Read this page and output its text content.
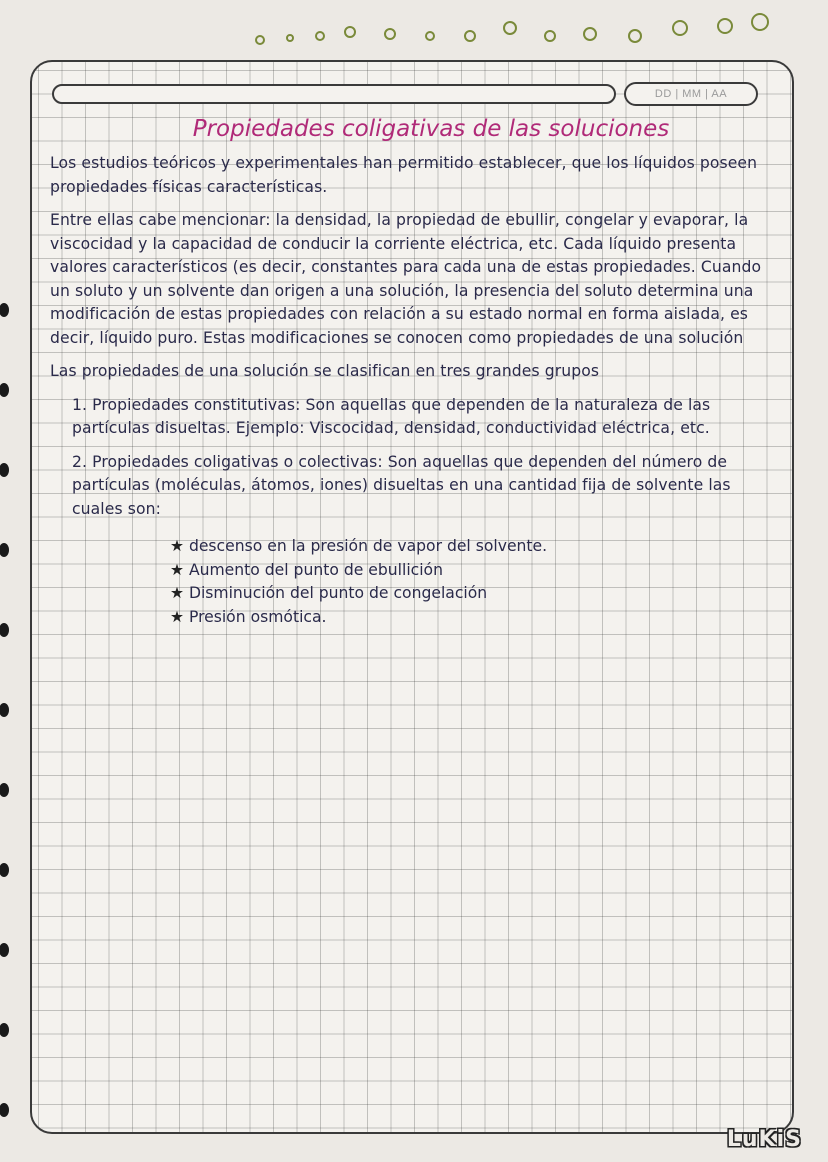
DD | MM | AA
Propiedades coligativas de las soluciones

Los estudios teóricos y experimentales han permitido establecer, que los líquidos poseen propiedades físicas características.

Entre ellas cabe mencionar: la densidad, la propiedad de ebullir, congelar y evaporar, la viscocidad y la capacidad de conducir la corriente eléctrica, etc. Cada líquido presenta valores característicos (es decir, constantes para cada una de estas propiedades. Cuando un soluto y un solvente dan origen a una solución, la presencia del soluto determina una modificación de estas propiedades con relación a su estado normal en forma aislada, es decir, líquido puro. Estas modificaciones se conocen como propiedades de una solución

Las propiedades de una solución se clasifican en tres grandes grupos

1. Propiedades constitutivas: Son aquellas que dependen de la naturaleza de las partículas disueltas. Ejemplo: Viscocidad, densidad, conductividad eléctrica, etc.

2. Propiedades coligativas o colectivas: Son aquellas que dependen del número de partículas (moléculas, átomos, iones) disueltas en una cantidad fija de solvente las cuales son:

★ descenso en la presión de vapor del solvente.
★ Aumento del punto de ebullición
★ Disminución del punto de congelación
★ Presión osmótica.
LuKiS
